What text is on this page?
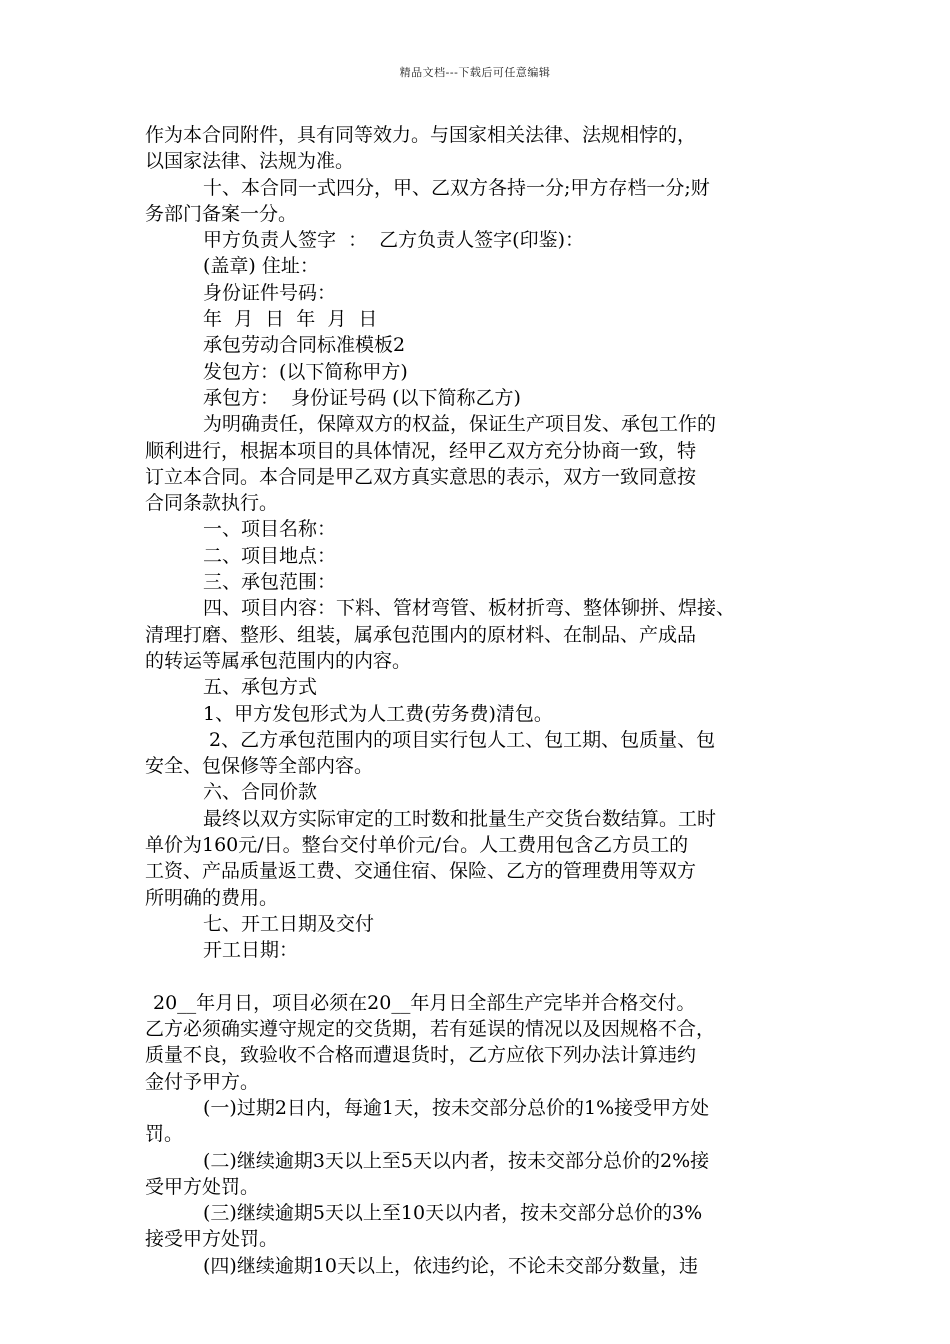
精品文档---下载后可任意编辑
作为本合同附件，具有同等效力。与国家相关法律、法规相悖的，
以国家法律、法规为准。
十、本合同一式四分，甲、乙双方各持一分;甲方存档一分;财
务部门备案一分。
甲方负责人签字  ：  乙方负责人签字(印鉴)：
(盖章) 住址：
身份证件号码：
年  月  日  年  月  日
承包劳动合同标准模板2
发包方：(以下简称甲方)
承包方：  身份证号码 (以下简称乙方)
为明确责任，保障双方的权益，保证生产项目发、承包工作的
顺利进行，根据本项目的具体情况，经甲乙双方充分协商一致，特
订立本合同。本合同是甲乙双方真实意思的表示，双方一致同意按
合同条款执行。
一、项目名称：
二、项目地点：
三、承包范围：
四、项目内容：下料、管材弯管、板材折弯、整体铆拼、焊接、
清理打磨、整形、组装，属承包范围内的原材料、在制品、产成品
的转运等属承包范围内的内容。
五、承包方式
1、甲方发包形式为人工费(劳务费)清包。
2、乙方承包范围内的项目实行包人工、包工期、包质量、包
安全、包保修等全部内容。
六、合同价款
最终以双方实际审定的工时数和批量生产交货台数结算。工时
单价为160元/日。整台交付单价元/台。人工费用包含乙方员工的
工资、产品质量返工费、交通住宿、保险、乙方的管理费用等双方
所明确的费用。
七、开工日期及交付
开工日期：
20__年月日，项目必须在20__年月日全部生产完毕并合格交付。
乙方必须确实遵守规定的交货期，若有延误的情况以及因规格不合，
质量不良，致验收不合格而遭退货时，乙方应依下列办法计算违约
金付予甲方。
(一)过期2日内，每逾1天，按未交部分总价的1%接受甲方处
罚。
(二)继续逾期3天以上至5天以内者，按未交部分总价的2%接
受甲方处罚。
(三)继续逾期5天以上至10天以内者，按未交部分总价的3%
接受甲方处罚。
(四)继续逾期10天以上，依违约论，不论未交部分数量，违
